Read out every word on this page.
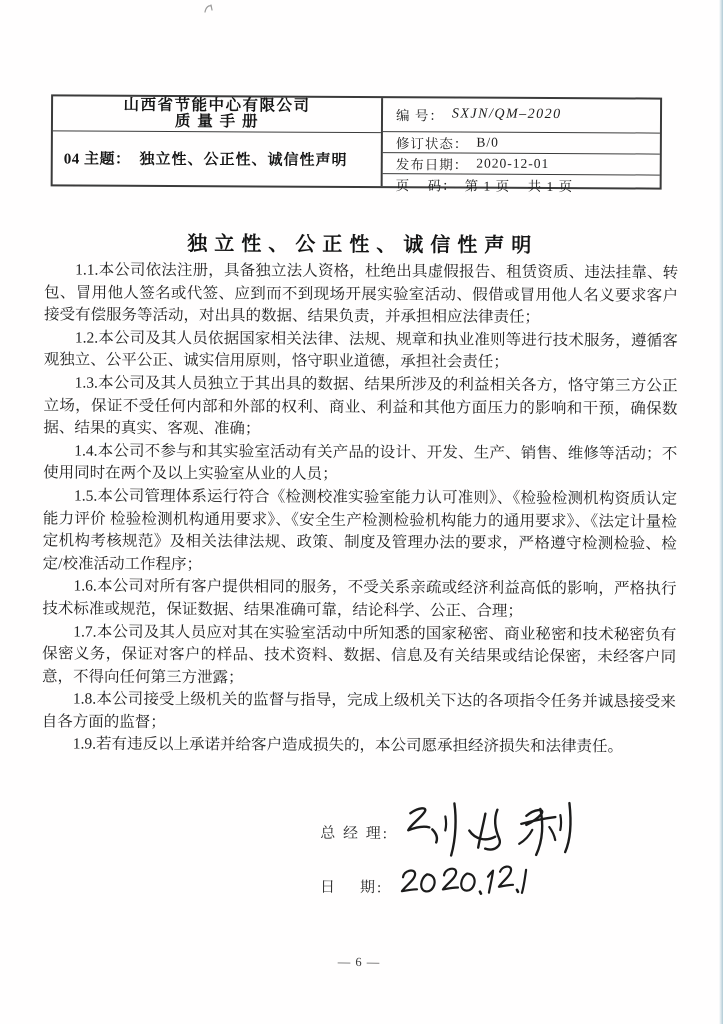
山西省节能中心有限公司
质 量 手 册
04 主题： 独立性、公正性、诚信性声明
编 号： SXJN/QM–2020
修订状态： B/0
发布日期： 2020-12-01
页    码： 第 1 页    共 1 页
独立性、公正性、诚信性声明

1.1.本公司依法注册，具备独立法人资格，杜绝出具虚假报告、租赁资质、违法挂靠、转包、冒用他人签名或代签、应到而不到现场开展实验室活动、假借或冒用他人名义要求客户接受有偿服务等活动，对出具的数据、结果负责，并承担相应法律责任；

1.2.本公司及其人员依据国家相关法律、法规、规章和执业准则等进行技术服务，遵循客观独立、公平公正、诚实信用原则，恪守职业道德，承担社会责任；

1.3.本公司及其人员独立于其出具的数据、结果所涉及的利益相关各方，恪守第三方公正立场，保证不受任何内部和外部的权利、商业、利益和其他方面压力的影响和干预，确保数据、结果的真实、客观、准确；

1.4.本公司不参与和其实验室活动有关产品的设计、开发、生产、销售、维修等活动；不使用同时在两个及以上实验室从业的人员；

1.5.本公司管理体系运行符合《检测校准实验室能力认可准则》、《检验检测机构资质认定能力评价 检验检测机构通用要求》、《安全生产检测检验机构能力的通用要求》、《法定计量检定机构考核规范》及相关法律法规、政策、制度及管理办法的要求，严格遵守检测检验、检定/校准活动工作程序；

1.6.本公司对所有客户提供相同的服务，不受关系亲疏或经济利益高低的影响，严格执行技术标准或规范，保证数据、结果准确可靠，结论科学、公正、合理；

1.7.本公司及其人员应对其在实验室活动中所知悉的国家秘密、商业秘密和技术秘密负有保密义务，保证对客户的样品、技术资料、数据、信息及有关结果或结论保密，未经客户同意，不得向任何第三方泄露；

1.8.本公司接受上级机关的监督与指导，完成上级机关下达的各项指令任务并诚恳接受来自各方面的监督；

1.9.若有违反以上承诺并给客户造成损失的，本公司愿承担经济损失和法律责任。

总 经 理:
日    期:
— 6 —
